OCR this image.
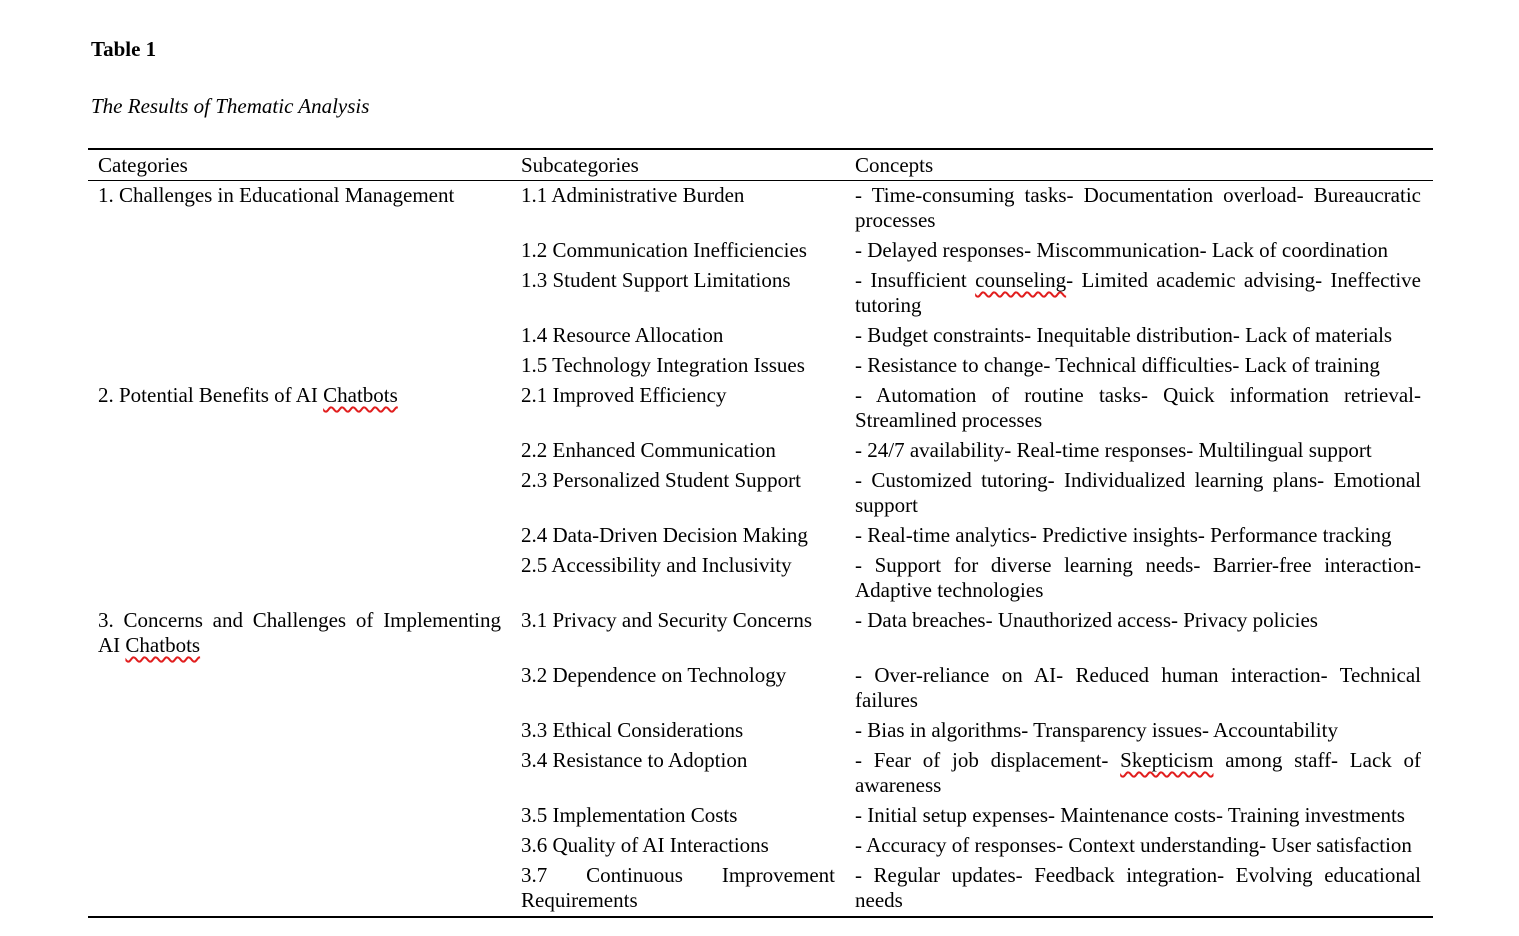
Table 1
The Results of Thematic Analysis
Categories	Subcategories	Concepts
1. Challenges in Educational Management	1.1 Administrative Burden	- Time-consuming tasks- Documentation overload- Bureaucratic processes
	1.2 Communication Inefficiencies	- Delayed responses- Miscommunication- Lack of coordination
	1.3 Student Support Limitations	- Insufficient counseling- Limited academic advising- Ineffective tutoring
	1.4 Resource Allocation	- Budget constraints- Inequitable distribution- Lack of materials
	1.5 Technology Integration Issues	- Resistance to change- Technical difficulties- Lack of training
2. Potential Benefits of AI Chatbots	2.1 Improved Efficiency	- Automation of routine tasks- Quick information retrieval- Streamlined processes
	2.2 Enhanced Communication	- 24/7 availability- Real-time responses- Multilingual support
	2.3 Personalized Student Support	- Customized tutoring- Individualized learning plans- Emotional support
	2.4 Data-Driven Decision Making	- Real-time analytics- Predictive insights- Performance tracking
	2.5 Accessibility and Inclusivity	- Support for diverse learning needs- Barrier-free interaction- Adaptive technologies
3. Concerns and Challenges of Implementing AI Chatbots	3.1 Privacy and Security Concerns	- Data breaches- Unauthorized access- Privacy policies
	3.2 Dependence on Technology	- Over-reliance on AI- Reduced human interaction- Technical failures
	3.3 Ethical Considerations	- Bias in algorithms- Transparency issues- Accountability
	3.4 Resistance to Adoption	- Fear of job displacement- Skepticism among staff- Lack of awareness
	3.5 Implementation Costs	- Initial setup expenses- Maintenance costs- Training investments
	3.6 Quality of AI Interactions	- Accuracy of responses- Context understanding- User satisfaction
	3.7 Continuous Improvement Requirements	- Regular updates- Feedback integration- Evolving educational needs
